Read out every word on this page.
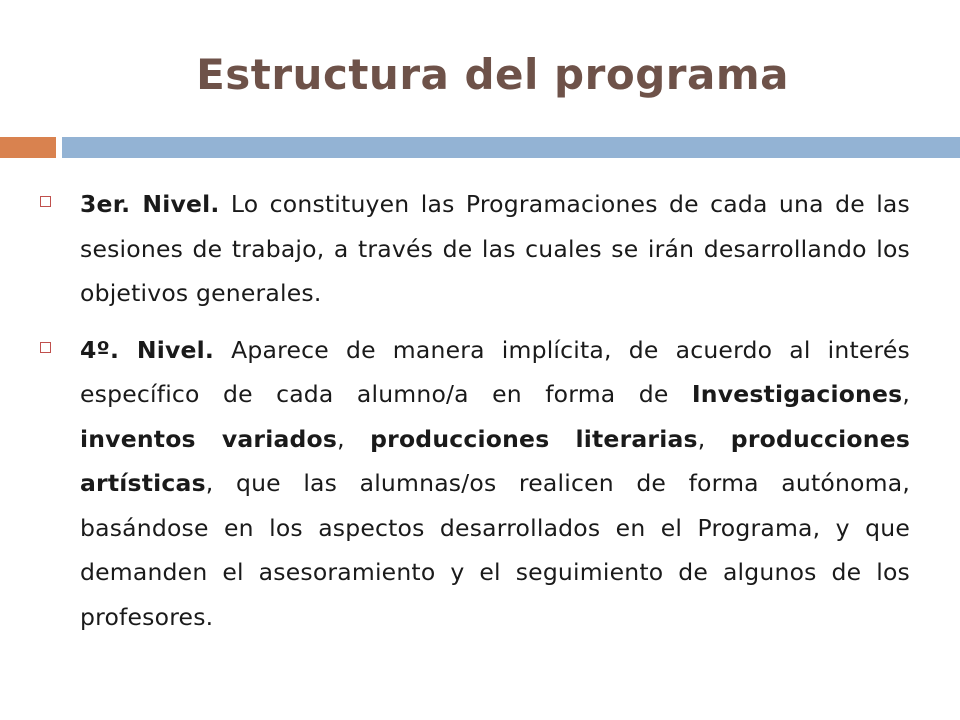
Estructura del programa
3er. Nivel. Lo constituyen las Programaciones de cada una de las sesiones de trabajo, a través de las cuales se irán desarrollando los objetivos generales.
4º. Nivel. Aparece de manera implícita, de acuerdo al interés específico de cada alumno/a en forma de Investigaciones, inventos variados, producciones literarias, producciones artísticas, que las alumnas/os realicen de forma autónoma, basándose en los aspectos desarrollados en el Programa, y que demanden el asesoramiento y el seguimiento de algunos de los profesores.
